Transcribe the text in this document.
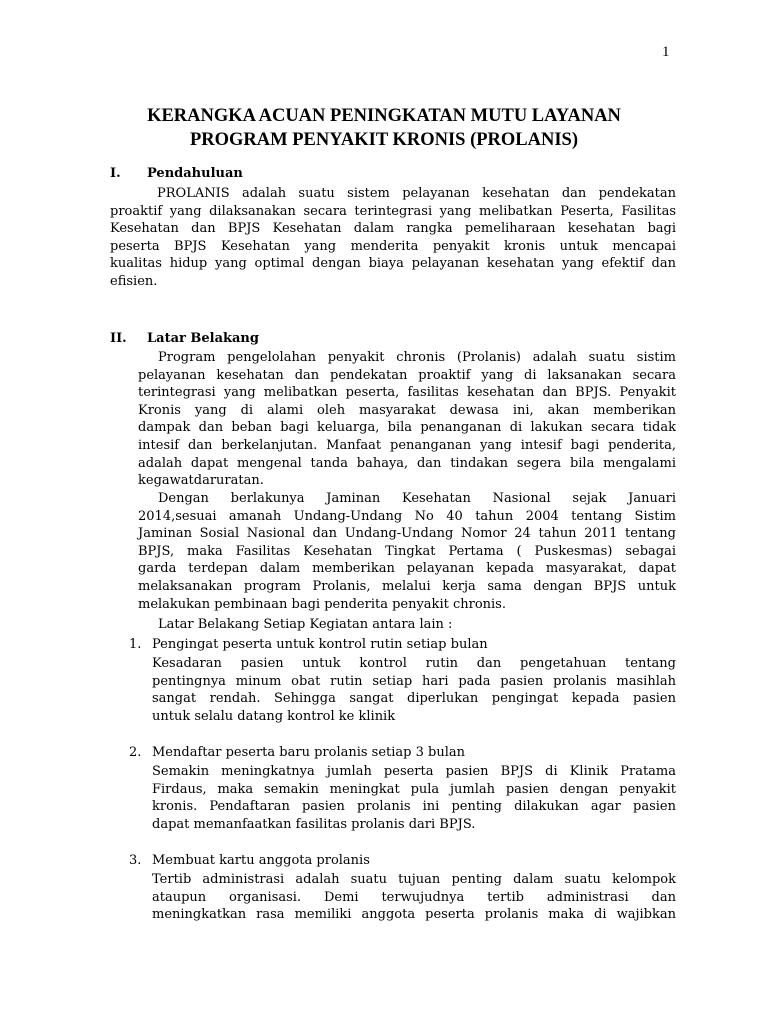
1
KERANGKA ACUAN PENINGKATAN MUTU LAYANAN
PROGRAM PENYAKIT KRONIS (PROLANIS)
I. Pendahuluan
PROLANIS adalah suatu sistem pelayanan kesehatan dan pendekatan
proaktif yang dilaksanakan secara terintegrasi yang melibatkan Peserta, Fasilitas
Kesehatan dan BPJS Kesehatan dalam rangka pemeliharaan kesehatan bagi
peserta BPJS Kesehatan yang menderita penyakit kronis untuk mencapai
kualitas hidup yang optimal dengan biaya pelayanan kesehatan yang efektif dan
efisien.
II. Latar Belakang
Program pengelolahan penyakit chronis (Prolanis) adalah suatu sistim
pelayanan kesehatan dan pendekatan proaktif yang di laksanakan secara
terintegrasi yang melibatkan peserta, fasilitas kesehatan dan BPJS. Penyakit
Kronis yang di alami oleh masyarakat dewasa ini, akan memberikan
dampak dan beban bagi keluarga, bila penanganan di lakukan secara tidak
intesif dan berkelanjutan. Manfaat penanganan yang intesif bagi penderita,
adalah dapat mengenal tanda bahaya, dan tindakan segera bila mengalami
kegawatdaruratan.
Dengan berlakunya Jaminan Kesehatan Nasional sejak Januari
2014,sesuai amanah Undang-Undang No 40 tahun 2004 tentang Sistim
Jaminan Sosial Nasional dan Undang-Undang Nomor 24 tahun 2011 tentang
BPJS, maka Fasilitas Kesehatan Tingkat Pertama ( Puskesmas) sebagai
garda terdepan dalam memberikan pelayanan kepada masyarakat, dapat
melaksanakan program Prolanis, melalui kerja sama dengan BPJS untuk
melakukan pembinaan bagi penderita penyakit chronis.
Latar Belakang Setiap Kegiatan antara lain :
1. Pengingat peserta untuk kontrol rutin setiap bulan
Kesadaran pasien untuk kontrol rutin dan pengetahuan tentang
pentingnya minum obat rutin setiap hari pada pasien prolanis masihlah
sangat rendah. Sehingga sangat diperlukan pengingat kepada pasien
untuk selalu datang kontrol ke klinik
2. Mendaftar peserta baru prolanis setiap 3 bulan
Semakin meningkatnya jumlah peserta pasien BPJS di Klinik Pratama
Firdaus, maka semakin meningkat pula jumlah pasien dengan penyakit
kronis. Pendaftaran pasien prolanis ini penting dilakukan agar pasien
dapat memanfaatkan fasilitas prolanis dari BPJS.
3. Membuat kartu anggota prolanis
Tertib administrasi adalah suatu tujuan penting dalam suatu kelompok
ataupun organisasi. Demi terwujudnya tertib administrasi dan
meningkatkan rasa memiliki anggota peserta prolanis maka di wajibkan
